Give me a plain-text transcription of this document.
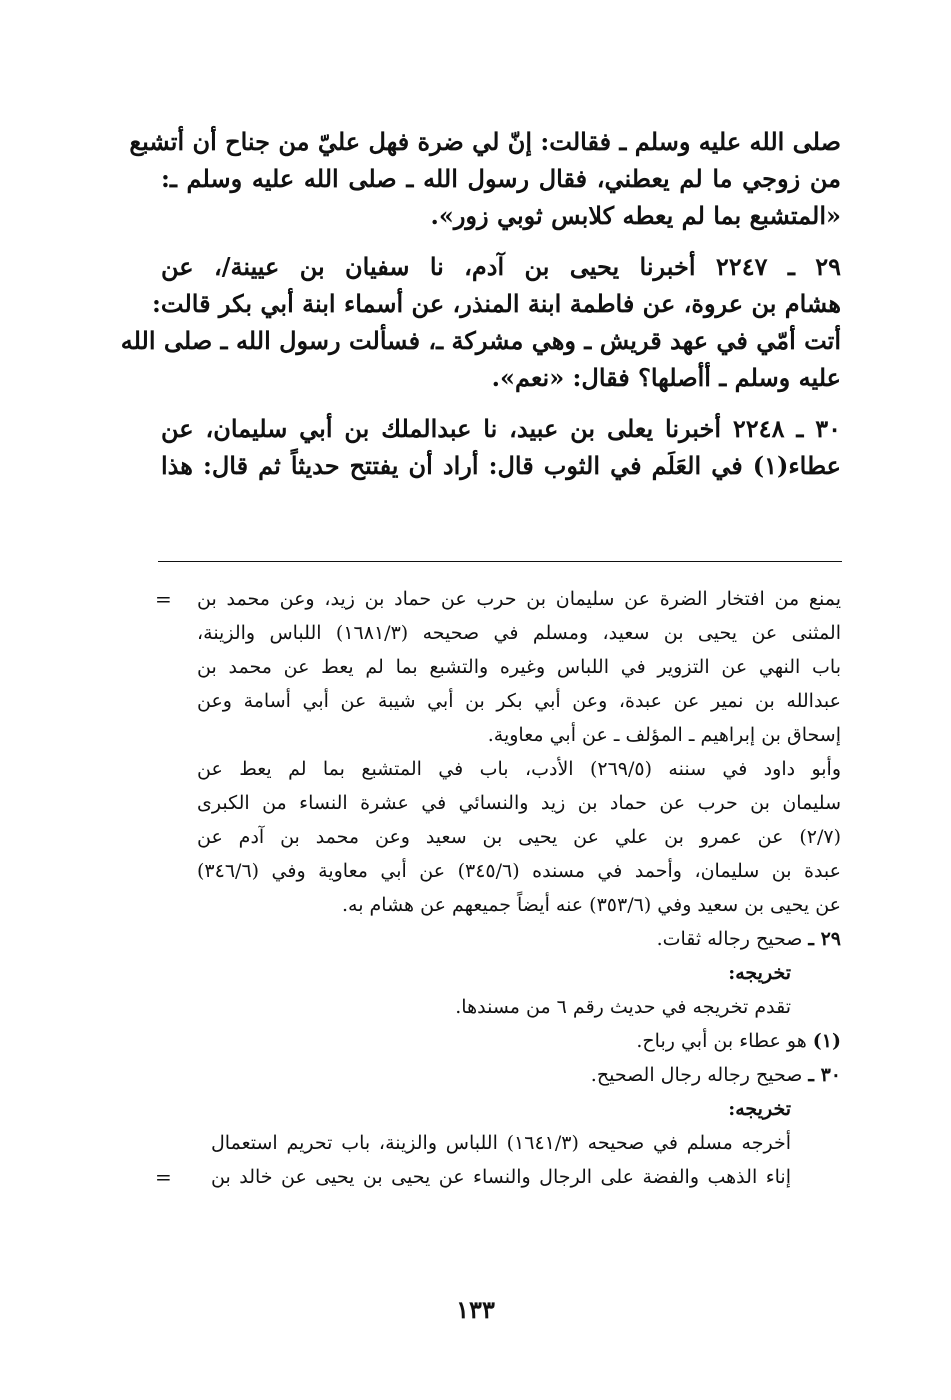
صلى الله عليه وسلم ـ فقالت: إنّ لي ضرة فهل عليّ من جناح أن أتشبع
من زوجي ما لم يعطني، فقال رسول الله ـ صلى الله عليه وسلم ـ:
«المتشبع بما لم يعطه كلابس ثوبي زور».
٢٩ ـ ٢٢٤٧ أخبرنا يحيى بن آدم، نا سفيان بن عيينة/، عن
هشام بن عروة، عن فاطمة ابنة المنذر، عن أسماء ابنة أبي بكر قالت:
أتت أمّي في عهد قريش ـ وهي مشركة ـ، فسألت رسول الله ـ صلى الله
عليه وسلم ـ أأصلها؟ فقال: «نعم».
٣٠ ـ ٢٢٤٨ أخبرنا يعلى بن عبيد، نا عبدالملك بن أبي سليمان، عن
عطاء(١) في العَلَم في الثوب قال: أراد أن يفتتح حديثاً ثم قال: هذا
= يمنع من افتخار الضرة عن سليمان بن حرب عن حماد بن زيد، وعن محمد بن
المثنى عن يحيى بن سعيد، ومسلم في صحيحه (١٦٨١/٣) اللباس والزينة،
باب النهي عن التزوير في اللباس وغيره والتشبع بما لم يعط عن محمد بن
عبدالله بن نمير عن عبدة، وعن أبي بكر بن أبي شيبة عن أبي أسامة وعن
إسحاق بن إبراهيم ـ المؤلف ـ عن أبي معاوية.
وأبو داود في سننه (٢٦٩/٥) الأدب، باب في المتشبع بما لم يعط عن
سليمان بن حرب عن حماد بن زيد والنسائي في عشرة النساء من الكبرى
(٢/٧) عن عمرو بن علي عن يحيى بن سعيد وعن محمد بن آدم عن
عبدة بن سليمان، وأحمد في مسنده (٣٤٥/٦) عن أبي معاوية وفي (٣٤٦/٦)
عن يحيى بن سعيد وفي (٣٥٣/٦) عنه أيضاً جميعهم عن هشام به.
٢٩ ـ صحيح رجاله ثقات.
تخريجه:
تقدم تخريجه في حديث رقم ٦ من مسندها.
(١) هو عطاء بن أبي رباح.
٣٠ ـ صحيح رجاله رجال الصحيح.
تخريجه:
أخرجه مسلم في صحيحه (١٦٤١/٣) اللباس والزينة، باب تحريم استعمال
=	إناء الذهب والفضة على الرجال والنساء عن يحيى بن يحيى عن خالد بن
١٣٣
